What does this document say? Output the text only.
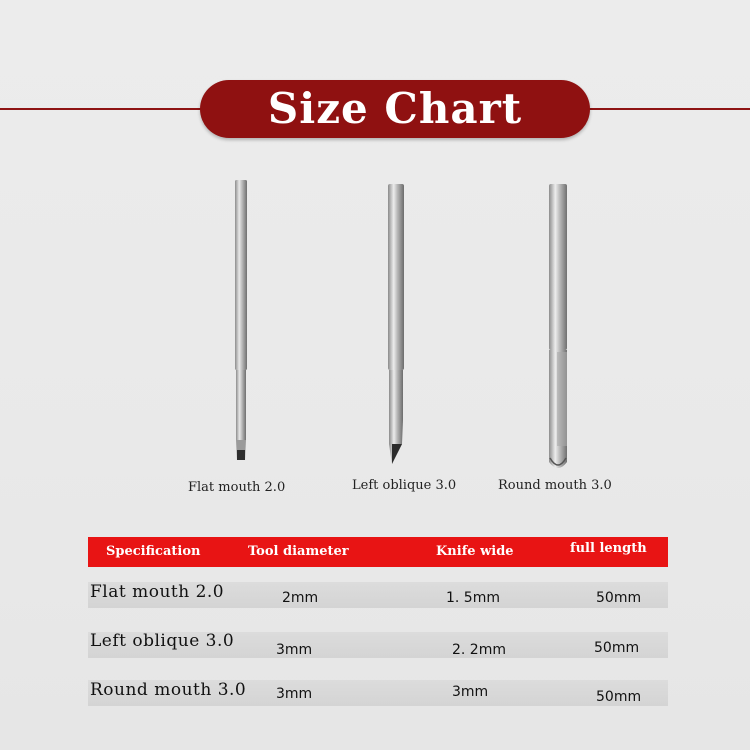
Size Chart
Flat mouth 2.0	Left oblique 3.0	Round mouth 3.0
Specification	Tool diameter	Knife wide	full length
Flat mouth 2.0	2mm	1. 5mm	50mm
Left oblique 3.0	3mm	2. 2mm	50mm
Round mouth 3.0 3mm	3mm	50mm
